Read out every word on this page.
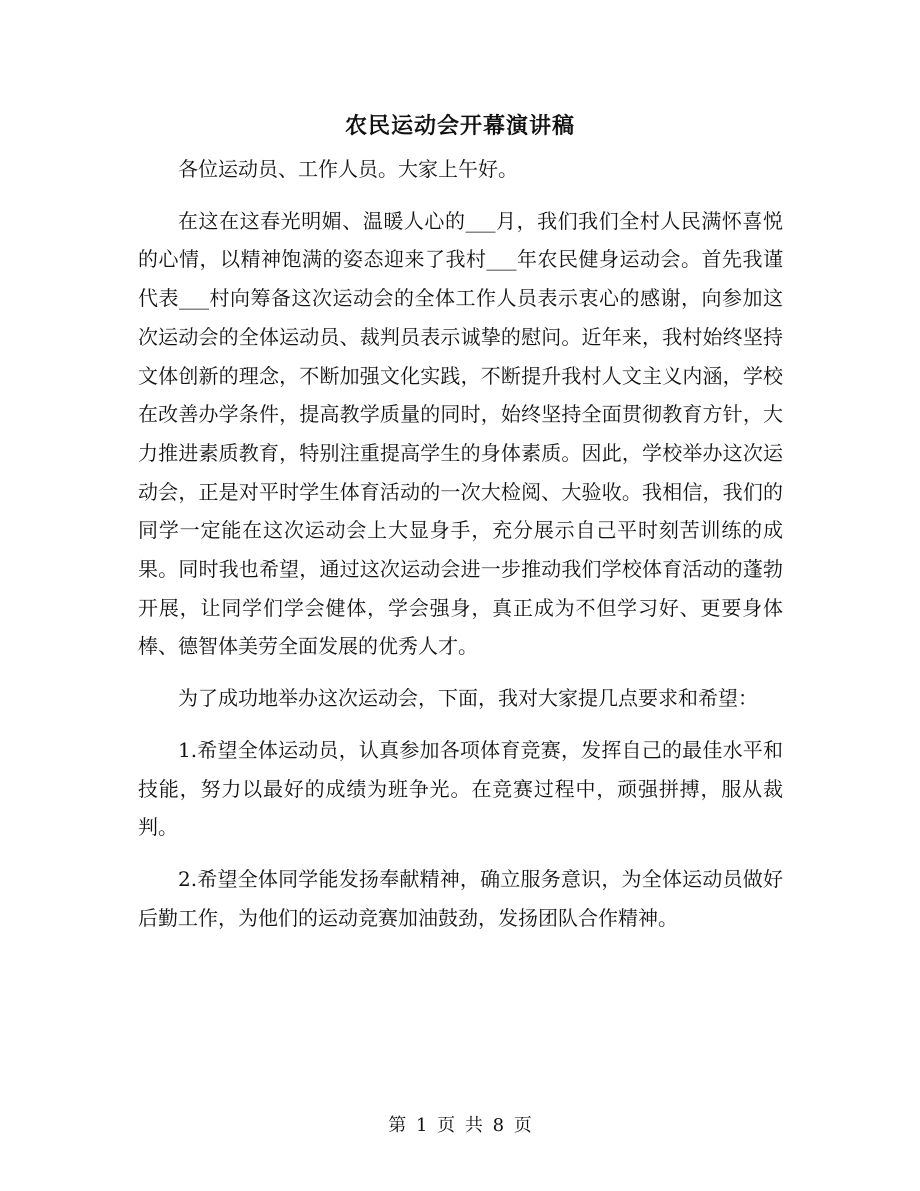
农民运动会开幕演讲稿

各位运动员、工作人员。大家上午好。

在这在这春光明媚、温暖人心的___月，我们我们全村人民满怀喜悦的心情，以精神饱满的姿态迎来了我村___年农民健身运动会。首先我谨代表___村向筹备这次运动会的全体工作人员表示衷心的感谢，向参加这次运动会的全体运动员、裁判员表示诚挚的慰问。近年来，我村始终坚持文体创新的理念，不断加强文化实践，不断提升我村人文主义内涵，学校在改善办学条件，提高教学质量的同时，始终坚持全面贯彻教育方针，大力推进素质教育，特别注重提高学生的身体素质。因此，学校举办这次运动会，正是对平时学生体育活动的一次大检阅、大验收。我相信，我们的同学一定能在这次运动会上大显身手，充分展示自己平时刻苦训练的成果。同时我也希望，通过这次运动会进一步推动我们学校体育活动的蓬勃开展，让同学们学会健体，学会强身，真正成为不但学习好、更要身体棒、德智体美劳全面发展的优秀人才。

为了成功地举办这次运动会，下面，我对大家提几点要求和希望：

1.希望全体运动员，认真参加各项体育竞赛，发挥自己的最佳水平和技能，努力以最好的成绩为班争光。在竞赛过程中，顽强拼搏，服从裁判。

2.希望全体同学能发扬奉献精神，确立服务意识，为全体运动员做好后勤工作，为他们的运动竞赛加油鼓劲，发扬团队合作精神。

第 1 页 共 8 页
